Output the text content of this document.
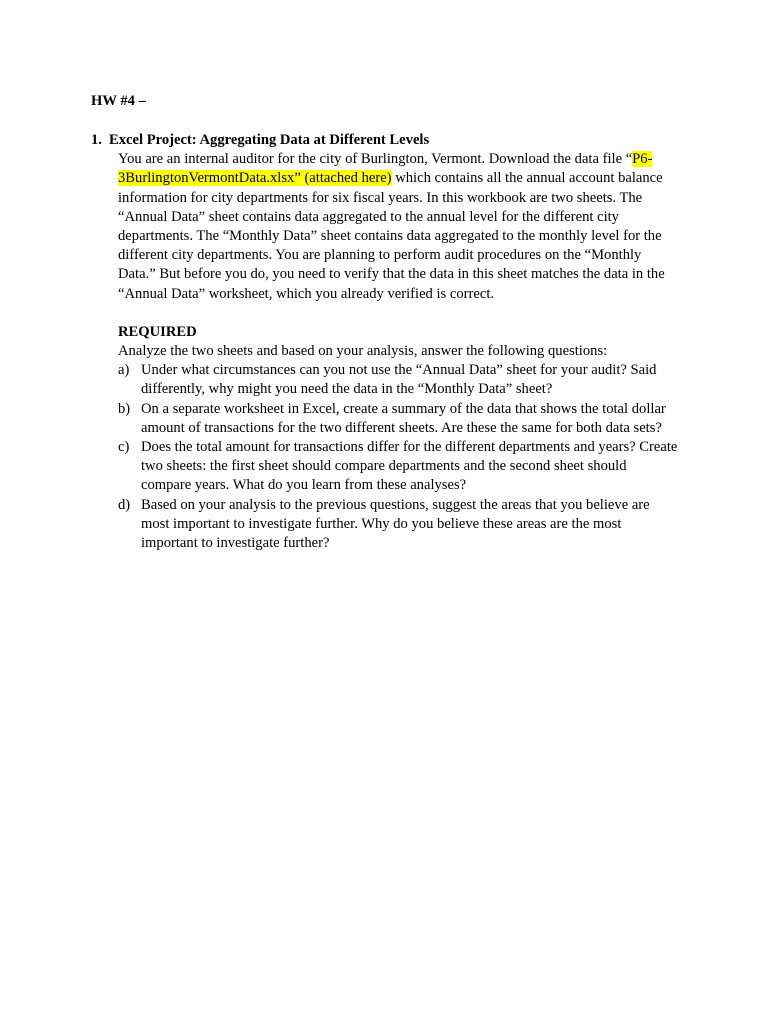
HW #4 –

1. Excel Project: Aggregating Data at Different Levels

You are an internal auditor for the city of Burlington, Vermont. Download the data file “P6-3BurlingtonVermontData.xlsx” (attached here) which contains all the annual account balance information for city departments for six fiscal years. In this workbook are two sheets. The “Annual Data” sheet contains data aggregated to the annual level for the different city departments. The “Monthly Data” sheet contains data aggregated to the monthly level for the different city departments. You are planning to perform audit procedures on the “Monthly Data.” But before you do, you need to verify that the data in this sheet matches the data in the “Annual Data” worksheet, which you already verified is correct.

REQUIRED

Analyze the two sheets and based on your analysis, answer the following questions:

a) Under what circumstances can you not use the “Annual Data” sheet for your audit? Said differently, why might you need the data in the “Monthly Data” sheet?
b) On a separate worksheet in Excel, create a summary of the data that shows the total dollar amount of transactions for the two different sheets. Are these the same for both data sets?
c) Does the total amount for transactions differ for the different departments and years? Create two sheets: the first sheet should compare departments and the second sheet should compare years. What do you learn from these analyses?
d) Based on your analysis to the previous questions, suggest the areas that you believe are most important to investigate further. Why do you believe these areas are the most important to investigate further?
